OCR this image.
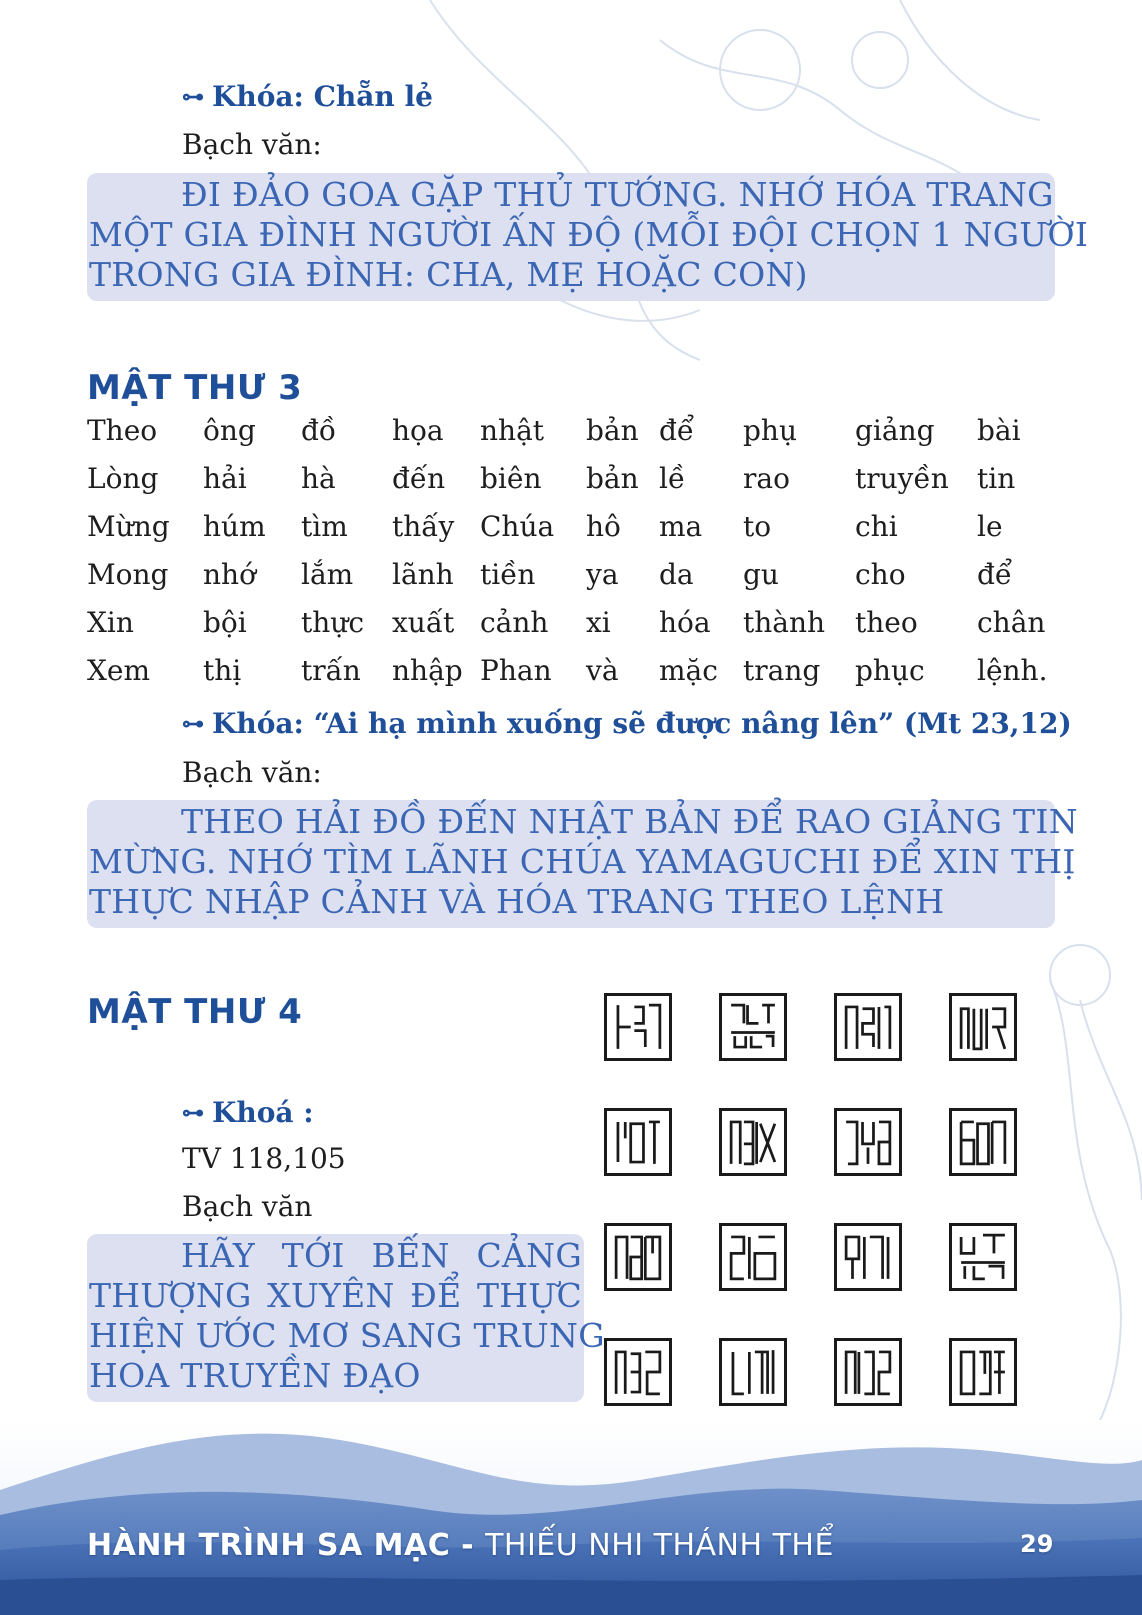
⊶ Khóa: Chẵn lẻ
Bạch văn:
ĐI ĐẢO GOA GẶP THỦ TƯỚNG. NHỚ HÓA TRANG
MỘT GIA ĐÌNH NGƯỜI ẤN ĐỘ (MỖI ĐỘI CHỌN 1 NGƯỜI
TRONG GIA ĐÌNH: CHA, MẸ HOẶC CON)
MẬT THƯ 3
Theo ông đồ họa nhật bản để phụ giảng bài
Lòng hải hà đến biên bản lề rao truyền tin
Mừng húm tìm thấy Chúa hô ma to	chi	le
Mong nhớ lắm lãnh tiền ya da gu	cho	để
Xin bội thực xuất cảnh xi hóa thành theo chân
Xem thị trấn nhập Phan và mặc trang phục lệnh.
⊶ Khóa: “Ai hạ mình xuống sẽ được nâng lên” (Mt 23,12)
Bạch văn:
THEO HẢI ĐỒ ĐẾN NHẬT BẢN ĐỂ RAO GIẢNG TIN
MỪNG. NHỚ TÌM LÃNH CHÚA YAMAGUCHI ĐỂ XIN THỊ
THỰC NHẬP CẢNH VÀ HÓA TRANG THEO LỆNH
MẬT THƯ 4
⊶ Khoá :
TV 118,105
Bạch văn
HÃY TỚI BẾN CẢNG
THƯỢNG XUYÊN ĐỂ THỰC
HIỆN ƯỚC MƠ SANG TRUNG
HOA TRUYỀN ĐẠO
HÀNH TRÌNH SA MẠC - THIẾU NHI THÁNH THỂ	29
